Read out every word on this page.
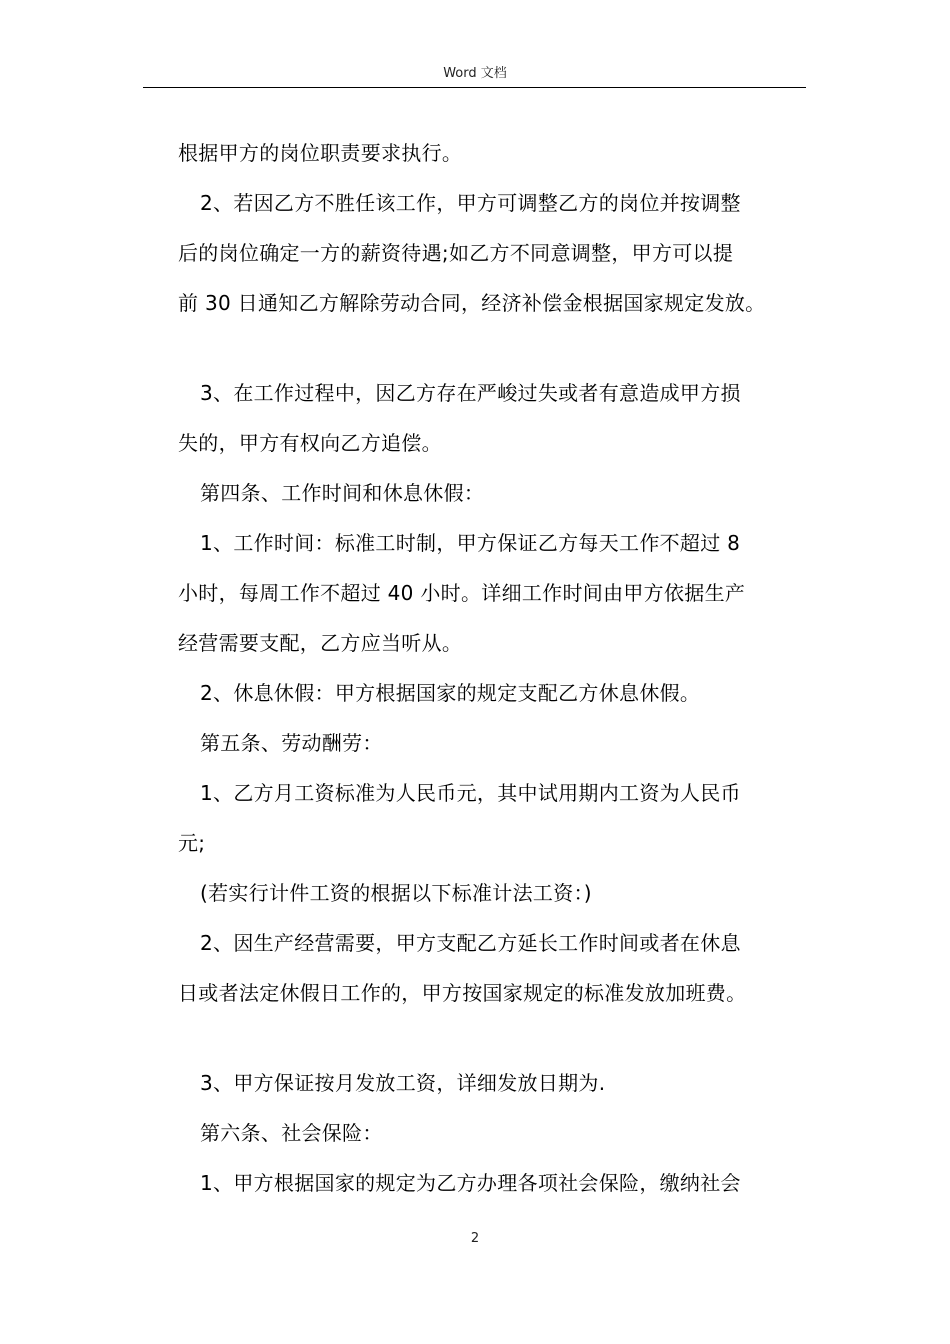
Word 文档

根据甲方的岗位职责要求执行。

2、若因乙方不胜任该工作，甲方可调整乙方的岗位并按调整
后的岗位确定一方的薪资待遇;如乙方不同意调整，甲方可以提
前 30 日通知乙方解除劳动合同，经济补偿金根据国家规定发放。

3、在工作过程中，因乙方存在严峻过失或者有意造成甲方损
失的，甲方有权向乙方追偿。

第四条、工作时间和休息休假：

1、工作时间：标准工时制，甲方保证乙方每天工作不超过 8
小时，每周工作不超过 40 小时。详细工作时间由甲方依据生产
经营需要支配，乙方应当听从。

2、休息休假：甲方根据国家的规定支配乙方休息休假。

第五条、劳动酬劳：

1、乙方月工资标准为人民币元，其中试用期内工资为人民币
元;

(若实行计件工资的根据以下标准计法工资：)

2、因生产经营需要，甲方支配乙方延长工作时间或者在休息
日或者法定休假日工作的，甲方按国家规定的标准发放加班费。

3、甲方保证按月发放工资，详细发放日期为.

第六条、社会保险：

1、甲方根据国家的规定为乙方办理各项社会保险，缴纳社会

2
